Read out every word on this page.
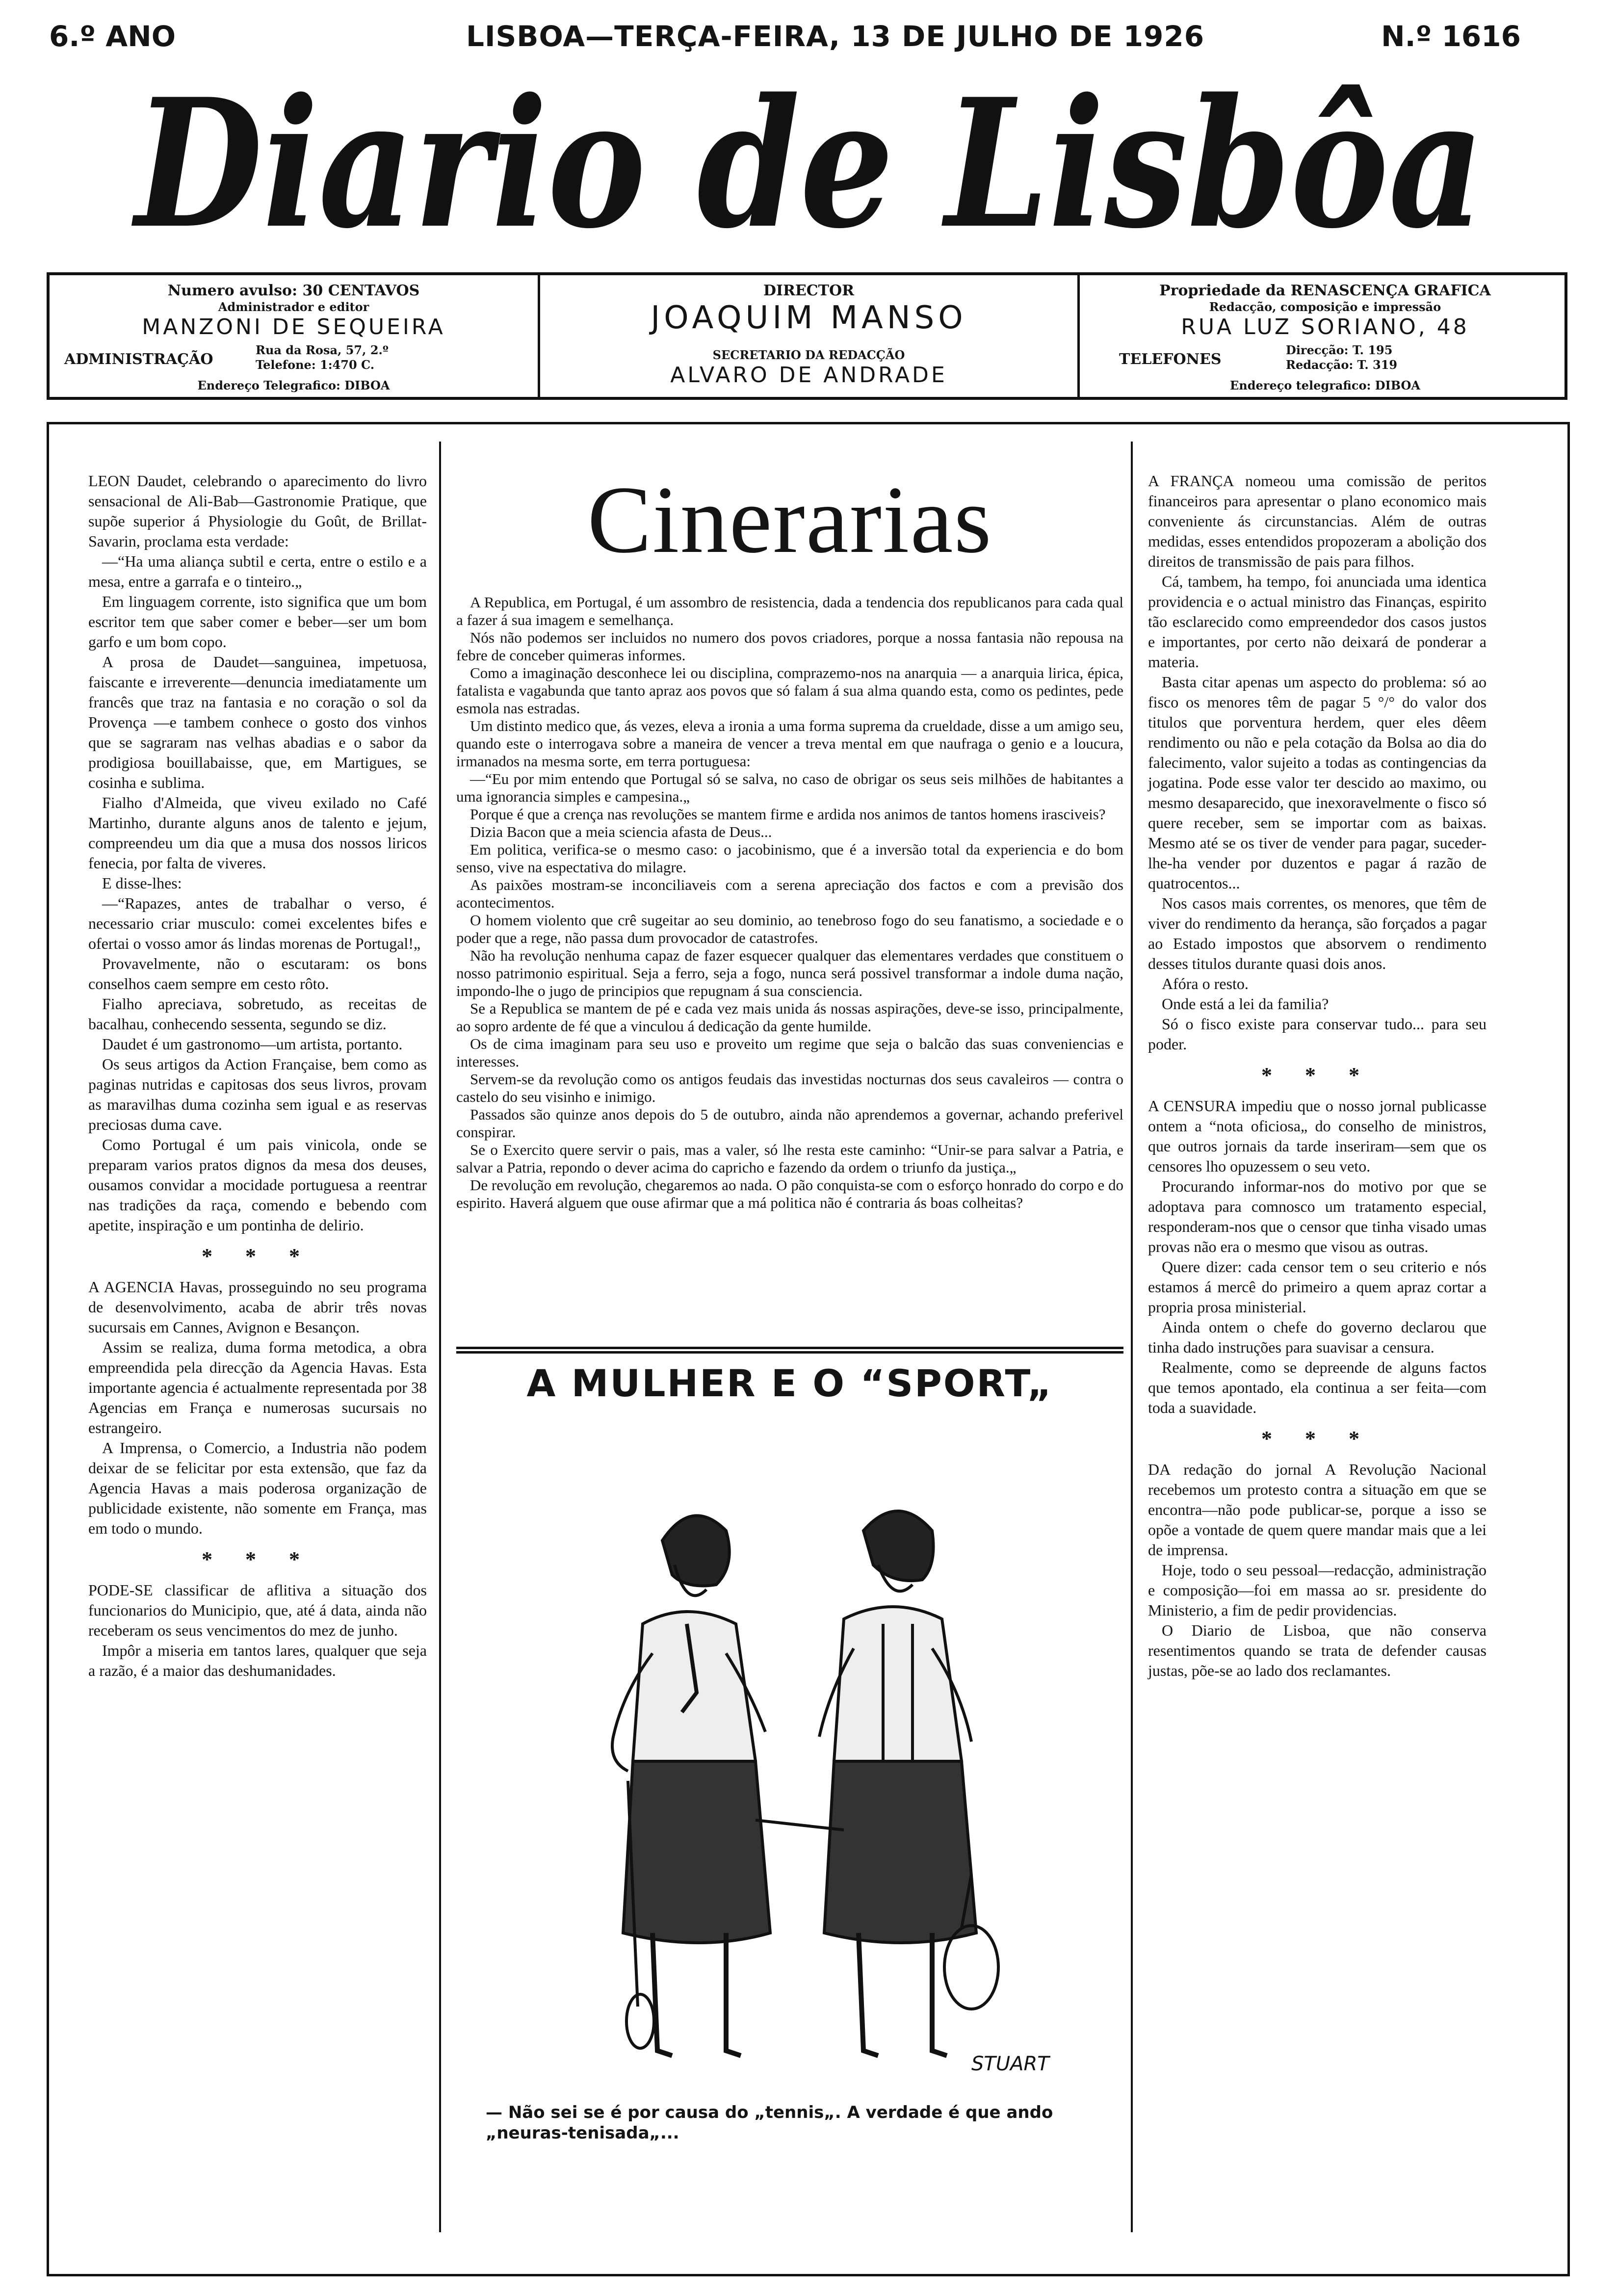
6.º ANO	LISBOA—TERÇA-FEIRA, 13 DE JULHO DE 1926	N.º 1616
Diario de Lisbôa
Numero avulso: 30 CENTAVOS
Administrador e editor
MANZONI DE SEQUEIRA
ADMINISTRAÇÃO
Rua da Rosa, 57, 2.º
Telefone: 1:470 C.
Endereço Telegrafico: DIBOA
DIRECTOR
JOAQUIM MANSO
SECRETARIO DA REDACÇÃO
ALVARO DE ANDRADE
Propriedade da RENASCENÇA GRAFICA
Redacção, composição e impressão
RUA LUZ SORIANO, 48
TELEFONES
Direcção: T. 195
Redacção: T. 319
Endereço telegrafico: DIBOA

LEON Daudet, celebrando o aparecimento do livro sensacional de Ali-Bab—Gastronomie Pratique, que supõe superior á Physiologie du Goût, de Brillat-Savarin, proclama esta verdade:

—“Ha uma aliança subtil e certa, entre o estilo e a mesa, entre a garrafa e o tinteiro.„

Em linguagem corrente, isto significa que um bom escritor tem que saber comer e beber—ser um bom garfo e um bom copo.

A prosa de Daudet—sanguinea, impetuosa, faiscante e irreverente—denuncia imediatamente um francês que traz na fantasia e no coração o sol da Provença —e tambem conhece o gosto dos vinhos que se sagraram nas velhas abadias e o sabor da prodigiosa bouillabaisse, que, em Martigues, se cosinha e sublima.

Fialho d'Almeida, que viveu exilado no Café Martinho, durante alguns anos de talento e jejum, compreendeu um dia que a musa dos nossos liricos fenecia, por falta de viveres.

E disse-lhes:

—“Rapazes, antes de trabalhar o verso, é necessario criar musculo: comei excelentes bifes e ofertai o vosso amor ás lindas morenas de Portugal!„

Provavelmente, não o escutaram: os bons conselhos caem sempre em cesto rôto.

Fialho apreciava, sobretudo, as receitas de bacalhau, conhecendo sessenta, segundo se diz.

Daudet é um gastronomo—um artista, portanto.

Os seus artigos da Action Française, bem como as paginas nutridas e capitosas dos seus livros, provam as maravilhas duma cozinha sem igual e as reservas preciosas duma cave.

Como Portugal é um pais vinicola, onde se preparam varios pratos dignos da mesa dos deuses, ousamos convidar a mocidade portuguesa a reentrar nas tradições da raça, comendo e bebendo com apetite, inspiração e um pontinha de delirio.

* * *

A AGENCIA Havas, prosseguindo no seu programa de desenvolvimento, acaba de abrir três novas sucursais em Cannes, Avignon e Besançon.

Assim se realiza, duma forma metodica, a obra empreendida pela direcção da Agencia Havas. Esta importante agencia é actualmente representada por 38 Agencias em França e numerosas sucursais no estrangeiro.

A Imprensa, o Comercio, a Industria não podem deixar de se felicitar por esta extensão, que faz da Agencia Havas a mais poderosa organização de publicidade existente, não somente em França, mas em todo o mundo.

* * *

PODE-SE classificar de aflitiva a situação dos funcionarios do Municipio, que, até á data, ainda não receberam os seus vencimentos do mez de junho.

Impôr a miseria em tantos lares, qualquer que seja a razão, é a maior das deshumanidades.

Cinerarias

A Republica, em Portugal, é um assombro de resistencia, dada a tendencia dos republicanos para cada qual a fazer á sua imagem e semelhança.

Nós não podemos ser incluidos no numero dos povos criadores, porque a nossa fantasia não repousa na febre de conceber quimeras informes.

Como a imaginação desconhece lei ou disciplina, comprazemo-nos na anarquia — a anarquia lirica, épica, fatalista e vagabunda que tanto apraz aos povos que só falam á sua alma quando esta, como os pedintes, pede esmola nas estradas.

Um distinto medico que, ás vezes, eleva a ironia a uma forma suprema da crueldade, disse a um amigo seu, quando este o interrogava sobre a maneira de vencer a treva mental em que naufraga o genio e a loucura, irmanados na mesma sorte, em terra portuguesa:

—“Eu por mim entendo que Portugal só se salva, no caso de obrigar os seus seis milhões de habitantes a uma ignorancia simples e campesina.„

Porque é que a crença nas revoluções se mantem firme e ardida nos animos de tantos homens irasciveis?

Dizia Bacon que a meia sciencia afasta de Deus...

Em politica, verifica-se o mesmo caso: o jacobinismo, que é a inversão total da experiencia e do bom senso, vive na espectativa do milagre.

As paixões mostram-se inconciliaveis com a serena apreciação dos factos e com a previsão dos acontecimentos.

O homem violento que crê sugeitar ao seu dominio, ao tenebroso fogo do seu fanatismo, a sociedade e o poder que a rege, não passa dum provocador de catastrofes.

Não ha revolução nenhuma capaz de fazer esquecer qualquer das elementares verdades que constituem o nosso patrimonio espiritual. Seja a ferro, seja a fogo, nunca será possivel transformar a indole duma nação, impondo-lhe o jugo de principios que repugnam á sua consciencia.

Se a Republica se mantem de pé e cada vez mais unida ás nossas aspirações, deve-se isso, principalmente, ao sopro ardente de fé que a vinculou á dedicação da gente humilde.

Os de cima imaginam para seu uso e proveito um regime que seja o balcão das suas conveniencias e interesses.

Servem-se da revolução como os antigos feudais das investidas nocturnas dos seus cavaleiros — contra o castelo do seu visinho e inimigo.

Passados são quinze anos depois do 5 de outubro, ainda não aprendemos a governar, achando preferivel conspirar.

Se o Exercito quere servir o pais, mas a valer, só lhe resta este caminho: “Unir-se para salvar a Patria, e salvar a Patria, repondo o dever acima do capricho e fazendo da ordem o triunfo da justiça.„

De revolução em revolução, chegaremos ao nada. O pão conquista-se com o esforço honrado do corpo e do espirito. Haverá alguem que ouse afirmar que a má politica não é contraria ás boas colheitas?

A MULHER E O “SPORT„
STUART
— Não sei se é por causa do „tennis„. A verdade é que ando „neuras-tenisada„...

A FRANÇA nomeou uma comissão de peritos financeiros para apresentar o plano economico mais conveniente ás circunstancias. Além de outras medidas, esses entendidos propozeram a abolição dos direitos de transmissão de pais para filhos.

Cá, tambem, ha tempo, foi anunciada uma identica providencia e o actual ministro das Finanças, espirito tão esclarecido como empreendedor dos casos justos e importantes, por certo não deixará de ponderar a materia.

Basta citar apenas um aspecto do problema: só ao fisco os menores têm de pagar 5 °/° do valor dos titulos que porventura herdem, quer eles dêem rendimento ou não e pela cotação da Bolsa ao dia do falecimento, valor sujeito a todas as contingencias da jogatina. Pode esse valor ter descido ao maximo, ou mesmo desaparecido, que inexoravelmente o fisco só quere receber, sem se importar com as baixas. Mesmo até se os tiver de vender para pagar, suceder-lhe-ha vender por duzentos e pagar á razão de quatrocentos...

Nos casos mais correntes, os menores, que têm de viver do rendimento da herança, são forçados a pagar ao Estado impostos que absorvem o rendimento desses titulos durante quasi dois anos.

Afóra o resto.

Onde está a lei da familia?

Só o fisco existe para conservar tudo... para seu poder.

* * *

A CENSURA impediu que o nosso jornal publicasse ontem a “nota oficiosa„ do conselho de ministros, que outros jornais da tarde inseriram—sem que os censores lho opuzessem o seu veto.

Procurando informar-nos do motivo por que se adoptava para comnosco um tratamento especial, responderam-nos que o censor que tinha visado umas provas não era o mesmo que visou as outras.

Quere dizer: cada censor tem o seu criterio e nós estamos á mercê do primeiro a quem apraz cortar a propria prosa ministerial.

Ainda ontem o chefe do governo declarou que tinha dado instruções para suavisar a censura.

Realmente, como se depreende de alguns factos que temos apontado, ela continua a ser feita—com toda a suavidade.

* * *

DA redação do jornal A Revolução Nacional recebemos um protesto contra a situação em que se encontra—não pode publicar-se, porque a isso se opõe a vontade de quem quere mandar mais que a lei de imprensa.

Hoje, todo o seu pessoal—redacção, administração e composição—foi em massa ao sr. presidente do Ministerio, a fim de pedir providencias.

O Diario de Lisboa, que não conserva resentimentos quando se trata de defender causas justas, põe-se ao lado dos reclamantes.
